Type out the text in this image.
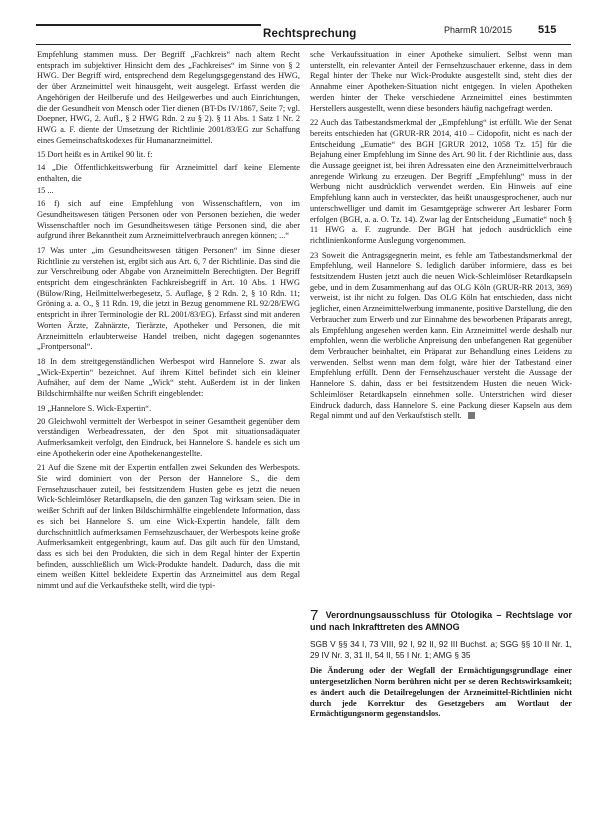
Rechtsprechung	PharmR 10/2015 515

Empfehlung stammen muss. Der Begriff „Fachkreis“ nach altem Recht entsprach im subjektiver Hinsicht dem des „Fachkreises“ im Sinne von § 2 HWG. Der Begriff wird, entsprechend dem Regelungsgegenstand des HWG, der über Arzneimittel weit hinausgeht, weit ausgelegt. Erfasst werden die Angehörigen der Heilberufe und des Heilgewerbes und auch Einrichtungen, die der Gesundheit von Mensch oder Tier dienen (BT-Ds IV/1867, Seite 7; vgl. Doepner, HWG, 2. Aufl., § 2 HWG Rdn. 2 zu § 2). § 11 Abs. 1 Satz 1 Nr. 2 HWG a. F. diente der Umsetzung der Richtlinie 2001/83/EG zur Schaffung eines Gemeinschaftskodexes für Humanarzneimittel.

15 Dort heißt es in Artikel 90 lit. f:

14 „Die Öffentlichkeitswerbung für Arzneimittel darf keine Elemente enthalten, die

15 ...

16 f) sich auf eine Empfehlung von Wissenschaftlern, von im Gesundheitswesen tätigen Personen oder von Personen beziehen, die weder Wissenschaftler noch im Gesundheitswesen tätige Personen sind, die aber aufgrund ihrer Bekanntheit zum Arzneimittelverbrauch anregen können; ...“

17 Was unter „im Gesundheitswesen tätigen Personen“ im Sinne dieser Richtlinie zu verstehen ist, ergibt sich aus Art. 6, 7 der Richtlinie. Das sind die zur Verschreibung oder Abgabe von Arzneimitteln Berechtigten. Der Begriff entspricht dem eingeschränkten Fachkreisbegriff in Art. 10 Abs. 1 HWG (Bülow/Ring, Heilmittelwerbegesetz, 5. Auflage, § 2 Rdn. 2, § 10 Rdn. 11; Gröning a. a. O., § 11 Rdn. 19, die jetzt in Bezug genommene RL 92/28/EWG entspricht in ihrer Terminologie der RL 2001/83/EG). Erfasst sind mit anderen Worten Ärzte, Zahnärzte, Tierärzte, Apotheker und Personen, die mit Arzneimitteln erlaubterweise Handel treiben, nicht dagegen sogenanntes „Frontpersonal“.

18 In dem streitgegenständlichen Werbespot wird Hannelore S. zwar als „Wick-Expertin“ bezeichnet. Auf ihrem Kittel befindet sich ein kleiner Aufnäher, auf dem der Name „Wick“ steht. Außerdem ist in der linken Bildschirmhälfte nur weißen Schrift eingeblendet:

19 „Hannelore S. Wick-Expertin“.

20 Gleichwohl vermittelt der Werbespot in seiner Gesamtheit gegenüber dem verständigen Werbeadressaten, der den Spot mit situationsadäquater Aufmerksamkeit verfolgt, den Eindruck, bei Hannelore S. handele es sich um eine Apothekerin oder eine Apothekenangestellte.

21 Auf die Szene mit der Expertin entfallen zwei Sekunden des Werbespots. Sie wird dominiert von der Person der Hannelore S., die dem Fernsehzuschauer zuteil, bei festsitzendem Husten gebe es jetzt die neuen Wick-Schleimlöser Retardkapseln, die den ganzen Tag wirksam seien. Die in weißer Schrift auf der linken Bildschirmhälfte eingeblendete Information, dass es sich bei Hannelore S. um eine Wick-Expertin handele, fällt dem durchschnittlich aufmerksamen Fernsehzuschauer, der Werbespots keine große Aufmerksamkeit entgegenbringt, kaum auf. Das gilt auch für den Umstand, dass es sich bei den Produkten, die sich in dem Regal hinter der Expertin befinden, ausschließlich um Wick-Produkte handelt. Dadurch, dass die mit einem weißen Kittel bekleidete Expertin das Arzneimittel aus dem Regal nimmt und auf die Verkaufstheke stellt, wird die typi-

sche Verkaufssituation in einer Apotheke simuliert. Selbst wenn man unterstellt, ein relevanter Anteil der Fernsehzuschauer erkenne, dass in dem Regal hinter der Theke nur Wick-Produkte ausgestellt sind, steht dies der Annahme einer Apotheken-Situation nicht entgegen. In vielen Apotheken werden hinter der Theke verschiedene Arzneimittel eines bestimmten Herstellers ausgestellt, wenn diese besonders häufig nachgefragt werden.

22 Auch das Tatbestandsmerkmal der „Empfehlung“ ist erfüllt. Wie der Senat bereits entschieden hat (GRUR-RR 2014, 410 – Cidopofit, nicht es nach der Entscheidung „Eumatie“ des BGH [GRUR 2012, 1058 Tz. 15] für die Bejahung einer Empfehlung im Sinne des Art. 90 lit. f der Richtlinie aus, dass die Aussage geeignet ist, bei ihren Adressaten eine den Arzneimittelverbrauch anregende Wirkung zu erzeugen. Der Begriff „Empfehlung“ muss in der Werbung nicht ausdrücklich verwendet werden. Ein Hinweis auf eine Empfehlung kann auch in versteckter, das heißt unausgesprochener, auch nur unterschwelliger und damit im Gesamtgepräge schwerer Art lesbarer Form erfolgen (BGH, a. a. O. Tz. 14). Zwar lag der Entscheidung „Eumatie“ noch § 11 HWG a. F. zugrunde. Der BGH hat jedoch ausdrücklich eine richtlinienkonforme Auslegung vorgenommen.

23 Soweit die Antragsgegnerin meint, es fehle am Tatbestandsmerkmal der Empfehlung, weil Hannelore S. lediglich darüber informiere, dass es bei festsitzendem Husten jetzt auch die neuen Wick-Schleimlöser Retardkapseln gebe, und in dem Zusammenhang auf das OLG Köln (GRUR-RR 2013, 369) verweist, ist ihr nicht zu folgen. Das OLG Köln hat entschieden, dass nicht jeglicher, einen Arzneimittelwerbung immanente, positive Darstellung, die den Verbraucher zum Erwerb und zur Einnahme des beworbenen Präparats anregt, als Empfehlung angesehen werden kann. Ein Arzneimittel werde deshalb nur empfohlen, wenn die werbliche Anpreisung den unbefangenen Rat gegenüber dem Verbraucher beinhaltet, ein Präparat zur Behandlung eines Leidens zu verwenden. Selbst wenn man dem folgt, wäre hier der Tatbestand einer Empfehlung erfüllt. Denn der Fernsehzuschauer versteht die Aussage der Hannelore S. dahin, dass er bei festsitzendem Husten die neuen Wick-Schleimlöser Retardkapseln einnehmen solle. Unterstrichen wird dieser Eindruck dadurch, dass Hannelore S. eine Packung dieser Kapseln aus dem Regal nimmt und auf den Verkaufstisch stellt.

7 Verordnungsausschluss für Otologika – Rechtslage vor und nach Inkrafttreten des AMNOG
SGB V §§ 34 I, 73 VIII, 92 I, 92 II, 92 III Buchst. a; SGG §§ 10 II Nr. 1, 29 IV Nr. 3, 31 II, 54 II, 55 I Nr. 1; AMG § 35

Die Änderung oder der Wegfall der Ermächtigungsgrundlage einer untergesetzlichen Norm berühren nicht per se deren Rechtswirksamkeit; es ändert auch die Detailregelungen der Arzneimittel-Richtlinien nicht durch jede Korrektur des Gesetzgebers am Wortlaut der Ermächtigungsnorm gegenstandslos.
